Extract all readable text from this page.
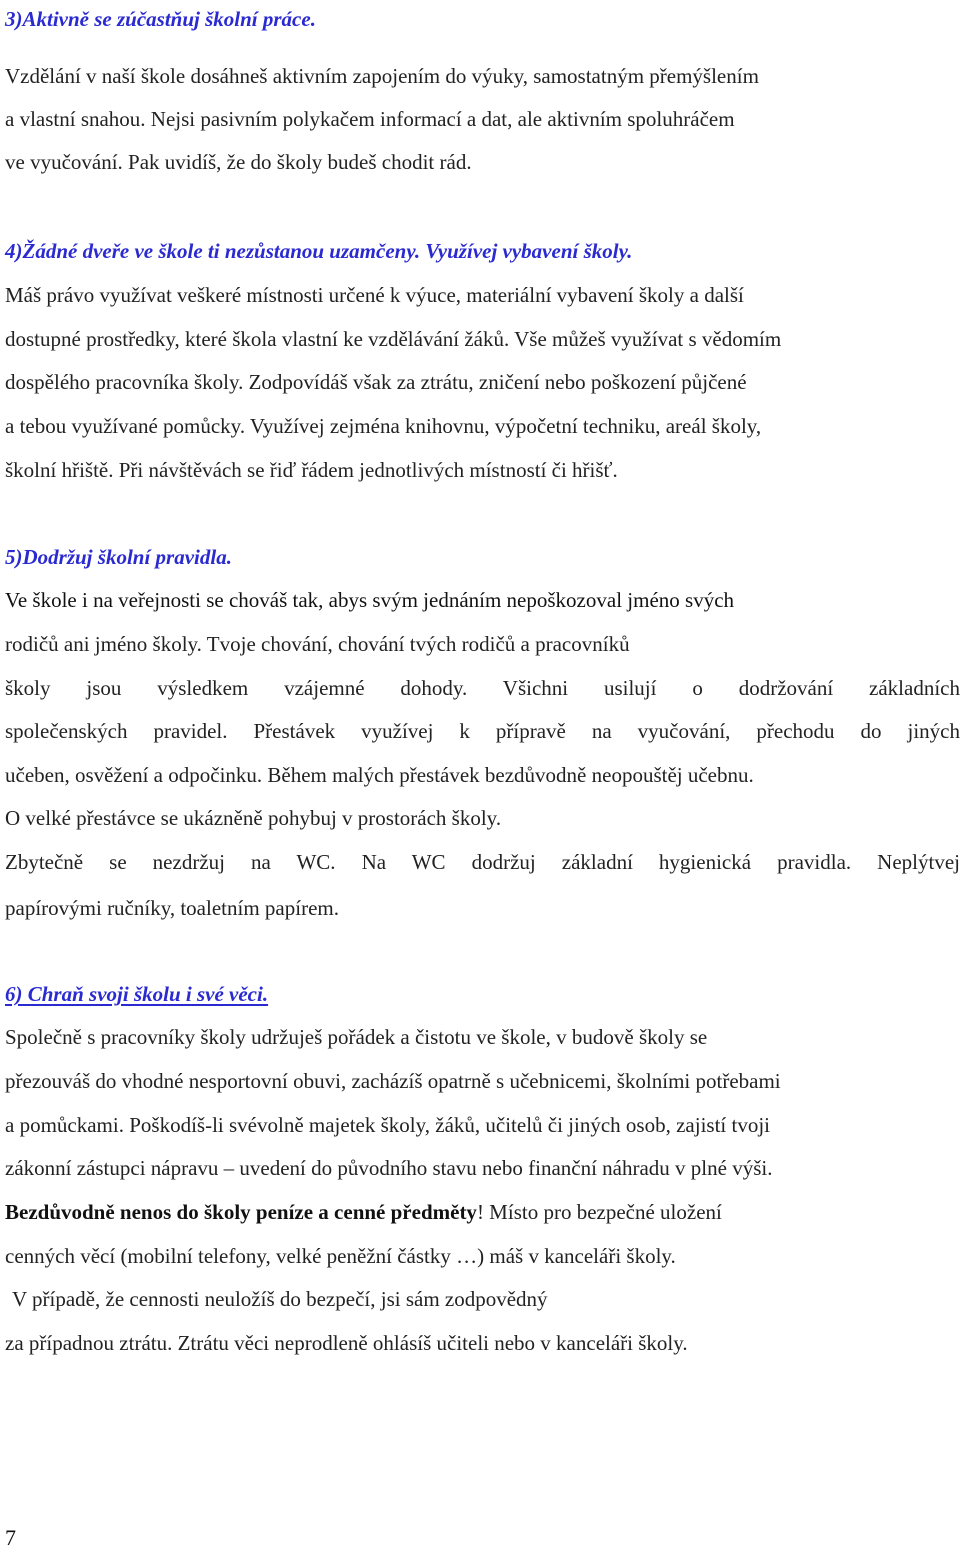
3)Aktivně se zúčastňuj školní práce.

Vzdělání v naší škole dosáhneš aktivním zapojením do výuky, samostatným přemýšlením

a vlastní snahou. Nejsi pasivním polykačem informací a dat, ale aktivním spoluhráčem

ve vyučování. Pak uvidíš, že do školy budeš chodit rád.

4)Žádné dveře ve škole ti nezůstanou uzamčeny. Využívej vybavení školy.

Máš právo využívat veškeré místnosti určené k výuce, materiální vybavení školy a další

dostupné prostředky, které škola vlastní ke vzdělávání žáků. Vše můžeš využívat s vědomím

dospělého pracovníka školy. Zodpovídáš však za ztrátu, zničení nebo poškození půjčené

a tebou využívané pomůcky. Využívej zejména knihovnu, výpočetní techniku, areál školy,

školní hřiště. Při návštěvách se řiď řádem jednotlivých místností či hřišť.

5)Dodržuj školní pravidla.

Ve škole i na veřejnosti se chováš tak, abys svým jednáním nepoškozoval jméno svých

rodičů ani jméno školy. Tvoje chování, chování tvých rodičů a pracovníků

školy jsou výsledkem vzájemné dohody. Všichni usilují o dodržování základních

společenských pravidel. Přestávek využívej k přípravě na vyučování, přechodu do jiných

učeben, osvěžení a odpočinku. Během malých přestávek bezdůvodně neopouštěj učebnu.

O velké přestávce se ukázněně pohybuj v prostorách školy.

Zbytečně se nezdržuj na WC. Na WC dodržuj základní hygienická pravidla. Neplýtvej

papírovými ručníky, toaletním papírem.

6) Chraň svoji školu i své věci.

Společně s pracovníky školy udržuješ pořádek a čistotu ve škole, v budově školy se

přezouváš do vhodné nesportovní obuvi, zacházíš opatrně s učebnicemi, školními potřebami

a pomůckami. Poškodíš-li svévolně majetek školy, žáků, učitelů či jiných osob, zajistí tvoji

zákonní zástupci nápravu – uvedení do původního stavu nebo finanční náhradu v plné výši.

Bezdůvodně nenos do školy peníze a cenné předměty! Místo pro bezpečné uložení

cenných věcí (mobilní telefony, velké peněžní částky …) máš v kanceláři školy.

V případě, že cennosti neuložíš do bezpečí, jsi sám zodpovědný

za případnou ztrátu. Ztrátu věci neprodleně ohlásíš učiteli nebo v kanceláři školy.

7
